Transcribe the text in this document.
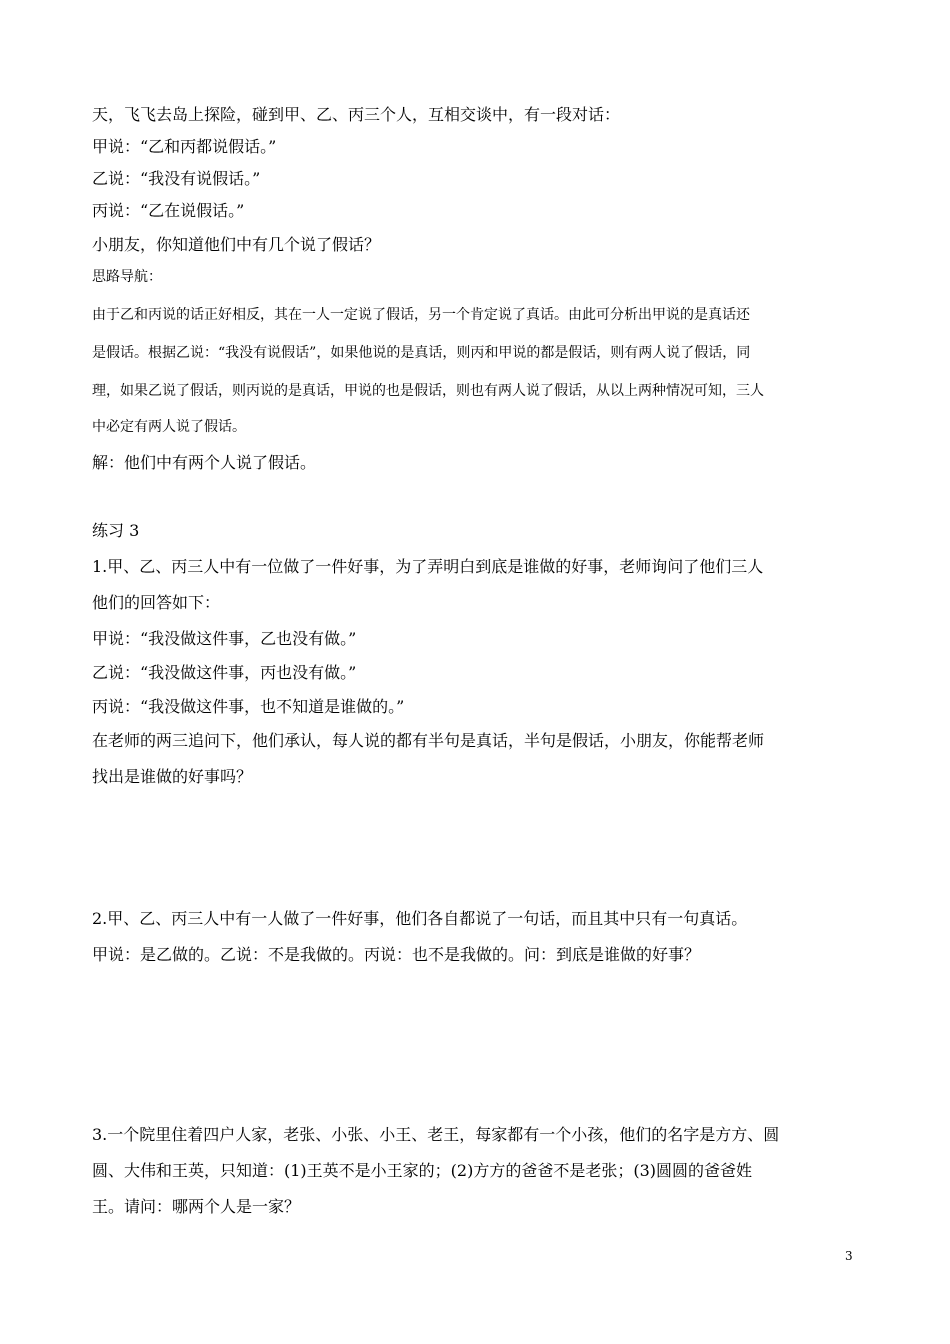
天，飞飞去岛上探险，碰到甲、乙、丙三个人，互相交谈中，有一段对话：
甲说：“乙和丙都说假话。”
乙说：“我没有说假话。”
丙说：“乙在说假话。”
小朋友，你知道他们中有几个说了假话？
思路导航：
由于乙和丙说的话正好相反，其在一人一定说了假话，另一个肯定说了真话。由此可分析出甲说的是真话还
是假话。根据乙说：“我没有说假话”，如果他说的是真话，则丙和甲说的都是假话，则有两人说了假话，同
理，如果乙说了假话，则丙说的是真话，甲说的也是假话，则也有两人说了假话，从以上两种情况可知，三人
中必定有两人说了假话。
解：他们中有两个人说了假话。
练习 3
1.甲、乙、丙三人中有一位做了一件好事，为了弄明白到底是谁做的好事，老师询问了他们三人
他们的回答如下：
甲说：“我没做这件事，乙也没有做。”
乙说：“我没做这件事，丙也没有做。”
丙说：“我没做这件事，也不知道是谁做的。”
在老师的两三追问下，他们承认，每人说的都有半句是真话，半句是假话，小朋友，你能帮老师
找出是谁做的好事吗？
2.甲、乙、丙三人中有一人做了一件好事，他们各自都说了一句话，而且其中只有一句真话。
甲说：是乙做的。乙说：不是我做的。丙说：也不是我做的。问：到底是谁做的好事？
3.一个院里住着四户人家，老张、小张、小王、老王，每家都有一个小孩，他们的名字是方方、圆
圆、大伟和王英，只知道：(1)王英不是小王家的；(2)方方的爸爸不是老张；(3)圆圆的爸爸姓
王。请问：哪两个人是一家？
3
